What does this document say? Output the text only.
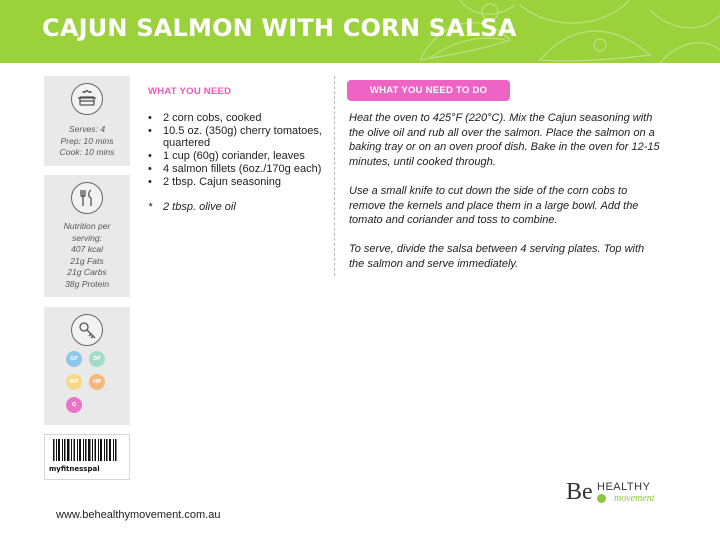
CAJUN SALMON WITH CORN SALSA
Serves: 4
Prep: 10 mins
Cook: 10 mins
Nutrition per
serving:
407 kcal
21g Fats
21g Carbs
38g Protein
GF	DF
MP	HP
Q
myfitnesspal
WHAT YOU NEED
• 2 corn cobs, cooked
• 10.5 oz. (350g) cherry tomatoes, quartered
• 1 cup (60g) coriander, leaves
• 4 salmon fillets (6oz./170g each)
• 2 tbsp. Cajun seasoning
* 2 tbsp. olive oil
WHAT YOU NEED TO DO

Heat the oven to 425°F (220°C). Mix the Cajun seasoning with the olive oil and rub all over the salmon. Place the salmon on a baking tray or on an oven proof dish. Bake in the oven for 12-15 minutes, until cooked through.

Use a small knife to cut down the side of the corn cobs to remove the kernels and place them in a large bowl. Add the tomato and coriander and toss to combine.

To serve, divide the salsa between 4 serving plates. Top with the salmon and serve immediately.

www.behealthymovement.com.au
Be HEALTHY
movement
